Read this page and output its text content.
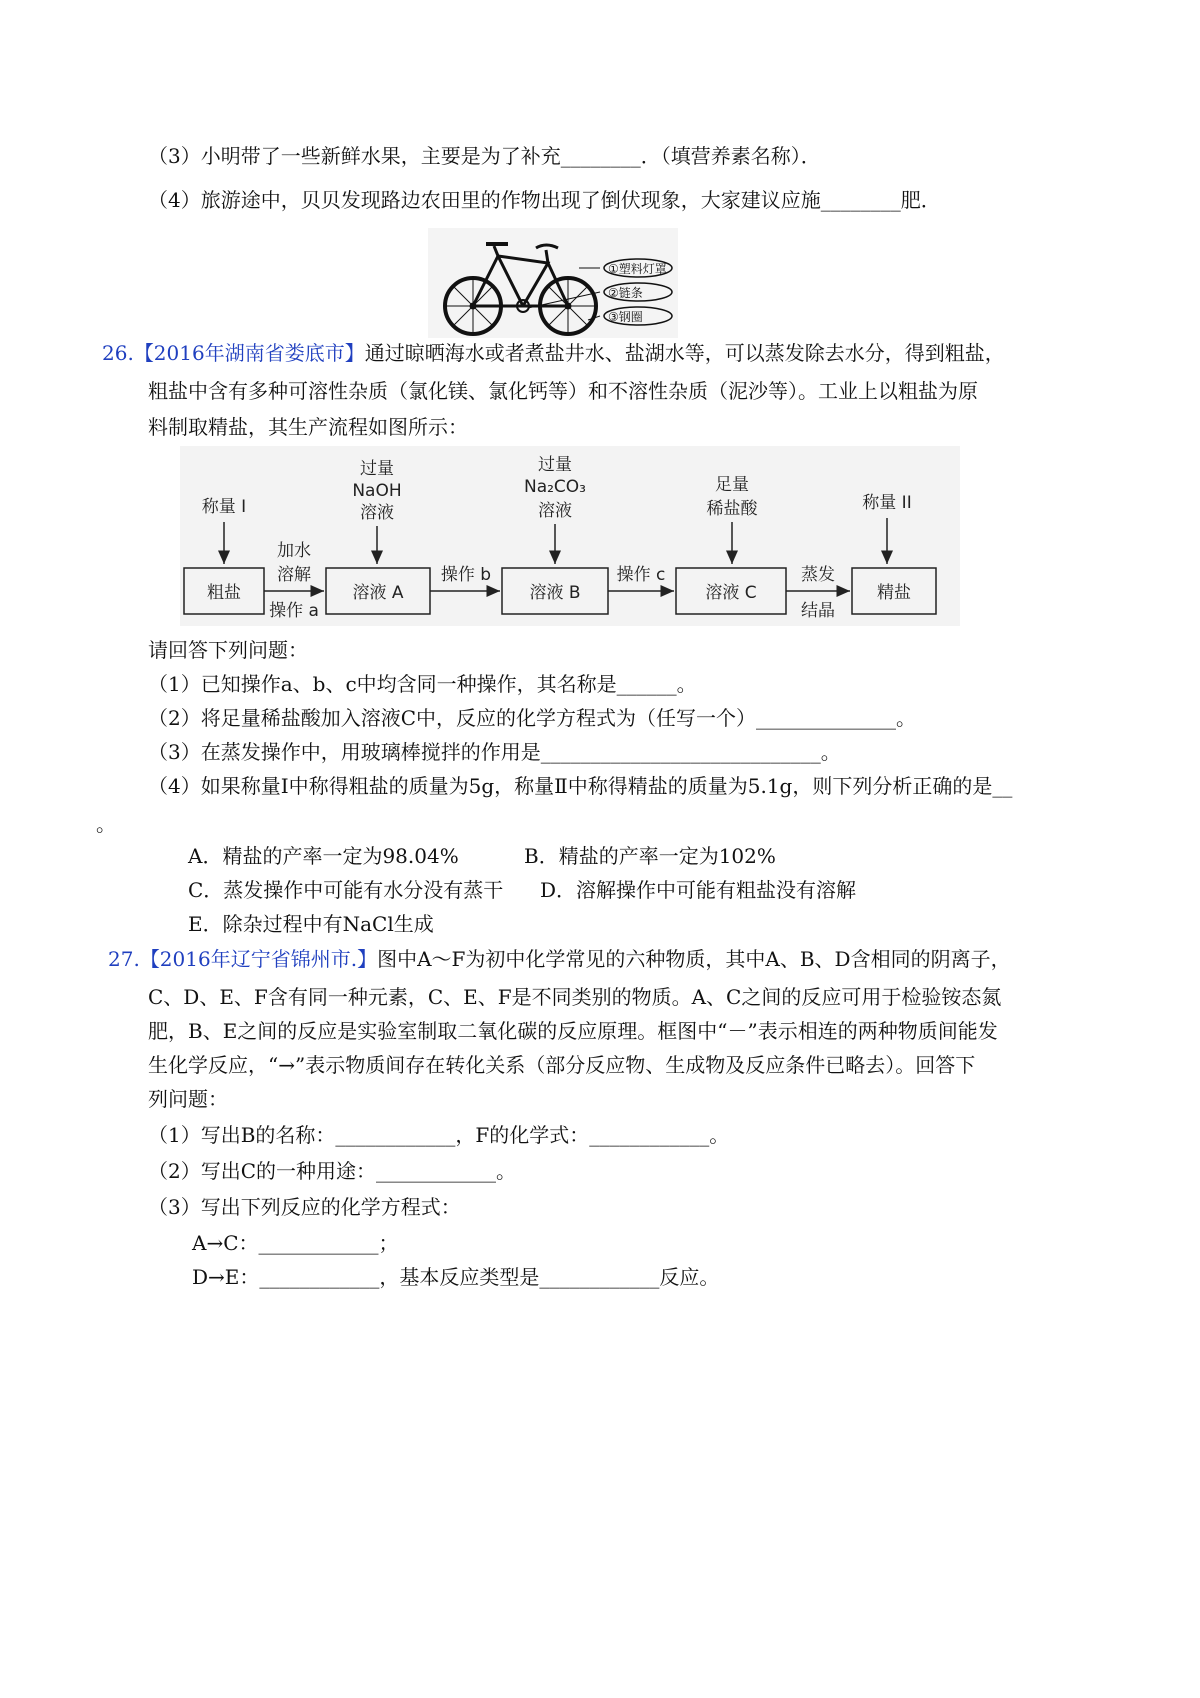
（3）小明带了一些新鲜水果，主要是为了补充________．（填营养素名称）．
（4）旅游途中，贝贝发现路边农田里的作物出现了倒伏现象，大家建议应施________肥．
①塑料灯罩
②链条
③钢圈
26.【2016年湖南省娄底市】通过晾晒海水或者煮盐井水、盐湖水等，可以蒸发除去水分，得到粗盐，
粗盐中含有多种可溶性杂质（氯化镁、氯化钙等）和不溶性杂质（泥沙等）。工业上以粗盐为原
料制取精盐，其生产流程如图所示：
称量 I
过量
NaOH
溶液
过量
Na₂CO₃
溶液
足量
稀盐酸	称量 II
粗盐	溶液 A	溶液 B	溶液 C	精盐
加水
溶解
操作 a
操作 b	操作 c	蒸发
结晶
请回答下列问题：
（1）已知操作a、b、c中均含同一种操作，其名称是______。
（2）将足量稀盐酸加入溶液C中，反应的化学方程式为（任写一个）______________。
（3）在蒸发操作中，用玻璃棒搅拌的作用是____________________________。
（4）如果称量Ⅰ中称得粗盐的质量为5g，称量Ⅱ中称得精盐的质量为5.1g，则下列分析正确的是__
。
A．精盐的产率一定为98.04%	B．精盐的产率一定为102%
C．蒸发操作中可能有水分没有蒸干 D．溶解操作中可能有粗盐没有溶解
E．除杂过程中有NaCl生成
27.【2016年辽宁省锦州市.】图中A～F为初中化学常见的六种物质，其中A、B、D含相同的阴离子，
C、D、E、F含有同一种元素，C、E、F是不同类别的物质。A、C之间的反应可用于检验铵态氮
肥，B、E之间的反应是实验室制取二氧化碳的反应原理。框图中“－”表示相连的两种物质间能发
生化学反应，“→”表示物质间存在转化关系（部分反应物、生成物及反应条件已略去）。回答下
列问题：
（1）写出B的名称：____________，F的化学式：____________。
（2）写出C的一种用途：____________。
（3）写出下列反应的化学方程式：
A→C：____________；
D→E：____________，基本反应类型是____________反应。
